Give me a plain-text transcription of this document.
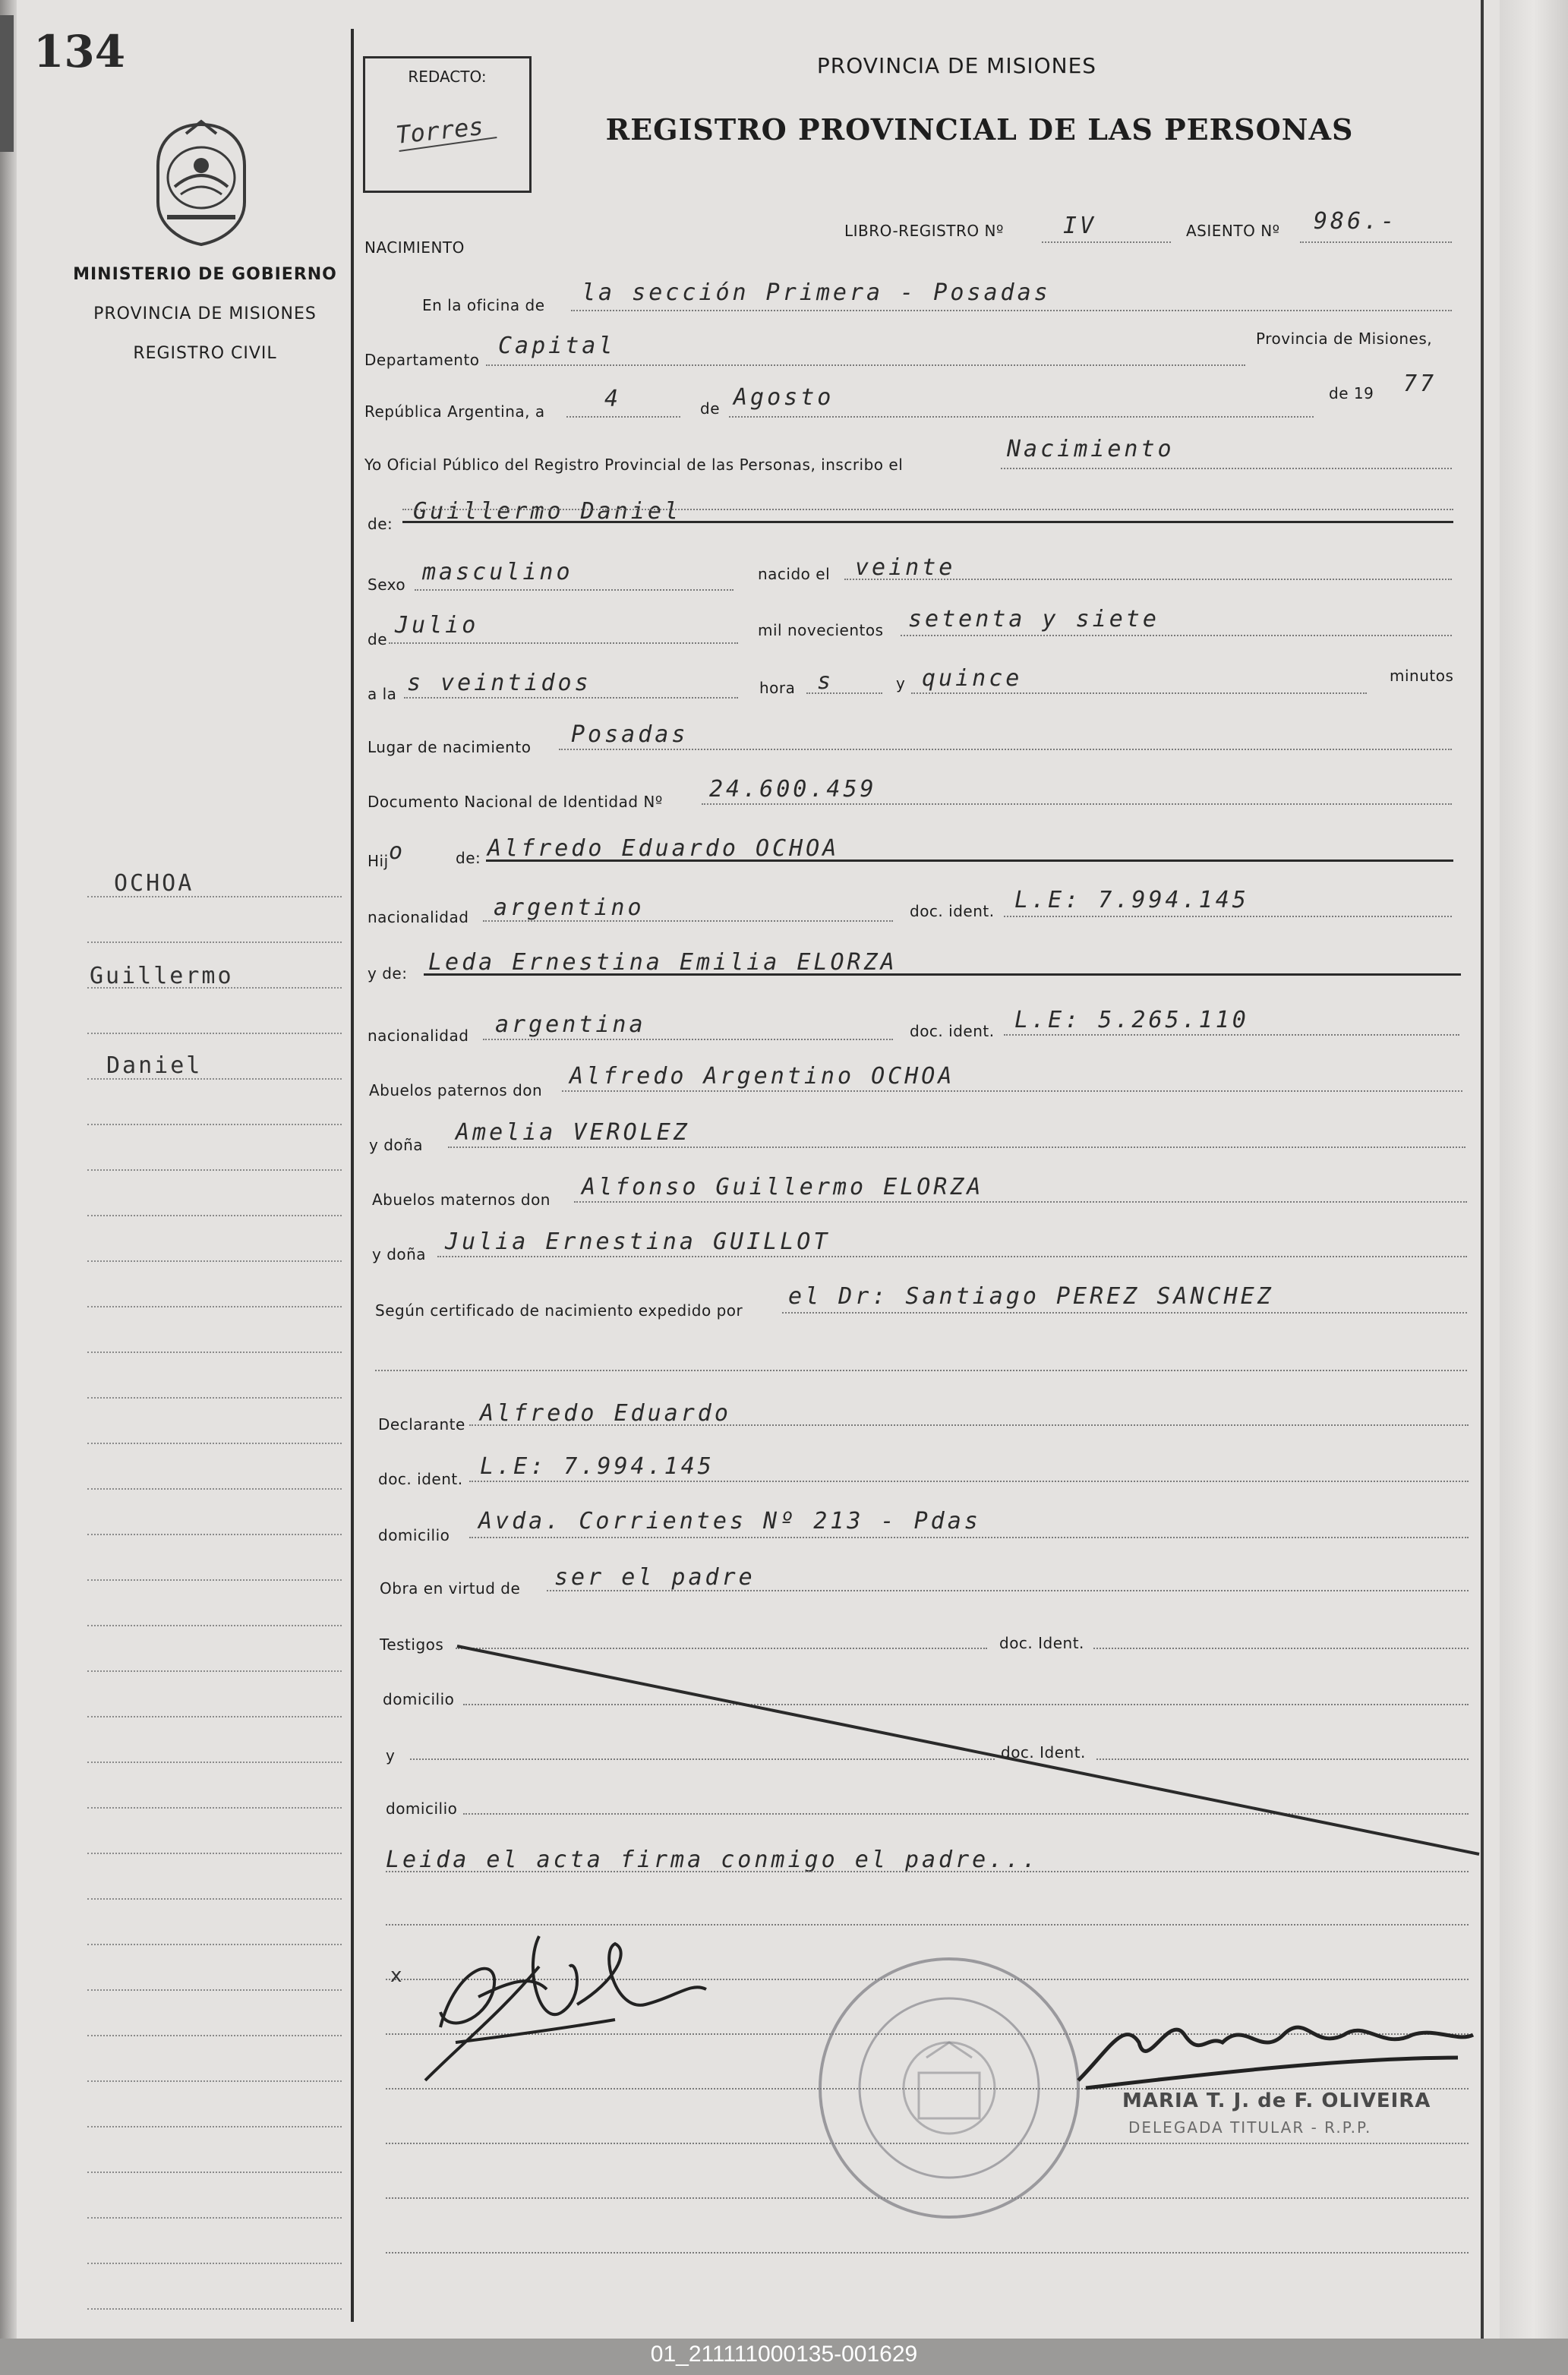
134
MINISTERIO DE GOBIERNO
PROVINCIA DE MISIONES
REGISTRO CIVIL
OCHOA
Guillermo
Daniel
REDACTO:
Torres
PROVINCIA DE MISIONES
REGISTRO PROVINCIAL DE LAS PERSONAS
NACIMIENTO
LIBRO-REGISTRO Nº	IV	ASIENTO Nº 986.-
En la oficina de la sección Primera - Posadas
Departamento
Capital	Provincia de Misiones,
República Argentina, a	4	de Agosto	de 19 77
Yo Oficial Público del Registro Provincial de las Personas, inscribo el
Nacimiento
de: Guillermo Daniel
Sexo masculino	nacido el veinte
de
Julio	mil novecientos setenta y siete
a la s veintidos	hora s	y quince	minutos
Lugar de nacimiento Posadas
Documento Nacional de Identidad Nº 24.600.459
Hij o	de: Alfredo Eduardo OCHOA
nacionalidad argentino	doc. ident. L.E: 7.994.145
y de: Leda Ernestina Emilia ELORZA
nacionalidad argentina	doc. ident. L.E: 5.265.110
Abuelos paternos don
Alfredo Argentino OCHOA
y doña Amelia VEROLEZ
Abuelos maternos don Alfonso Guillermo ELORZA
y doña Julia Ernestina GUILLOT
Según certificado de nacimiento expedido por
el Dr: Santiago PEREZ SANCHEZ
Declarante Alfredo Eduardo
doc. ident. L.E: 7.994.145
domicilio
Avda. Corrientes Nº 213 - Pdas
Obra en virtud de ser el padre
Testigos	doc. Ident.
domicilio
y	doc. Ident.
domicilio
Leida el acta firma conmigo el padre...
x
MARIA T. J. de F. OLIVEIRA
DELEGADA TITULAR - R.P.P.
01_211111000135-001629
